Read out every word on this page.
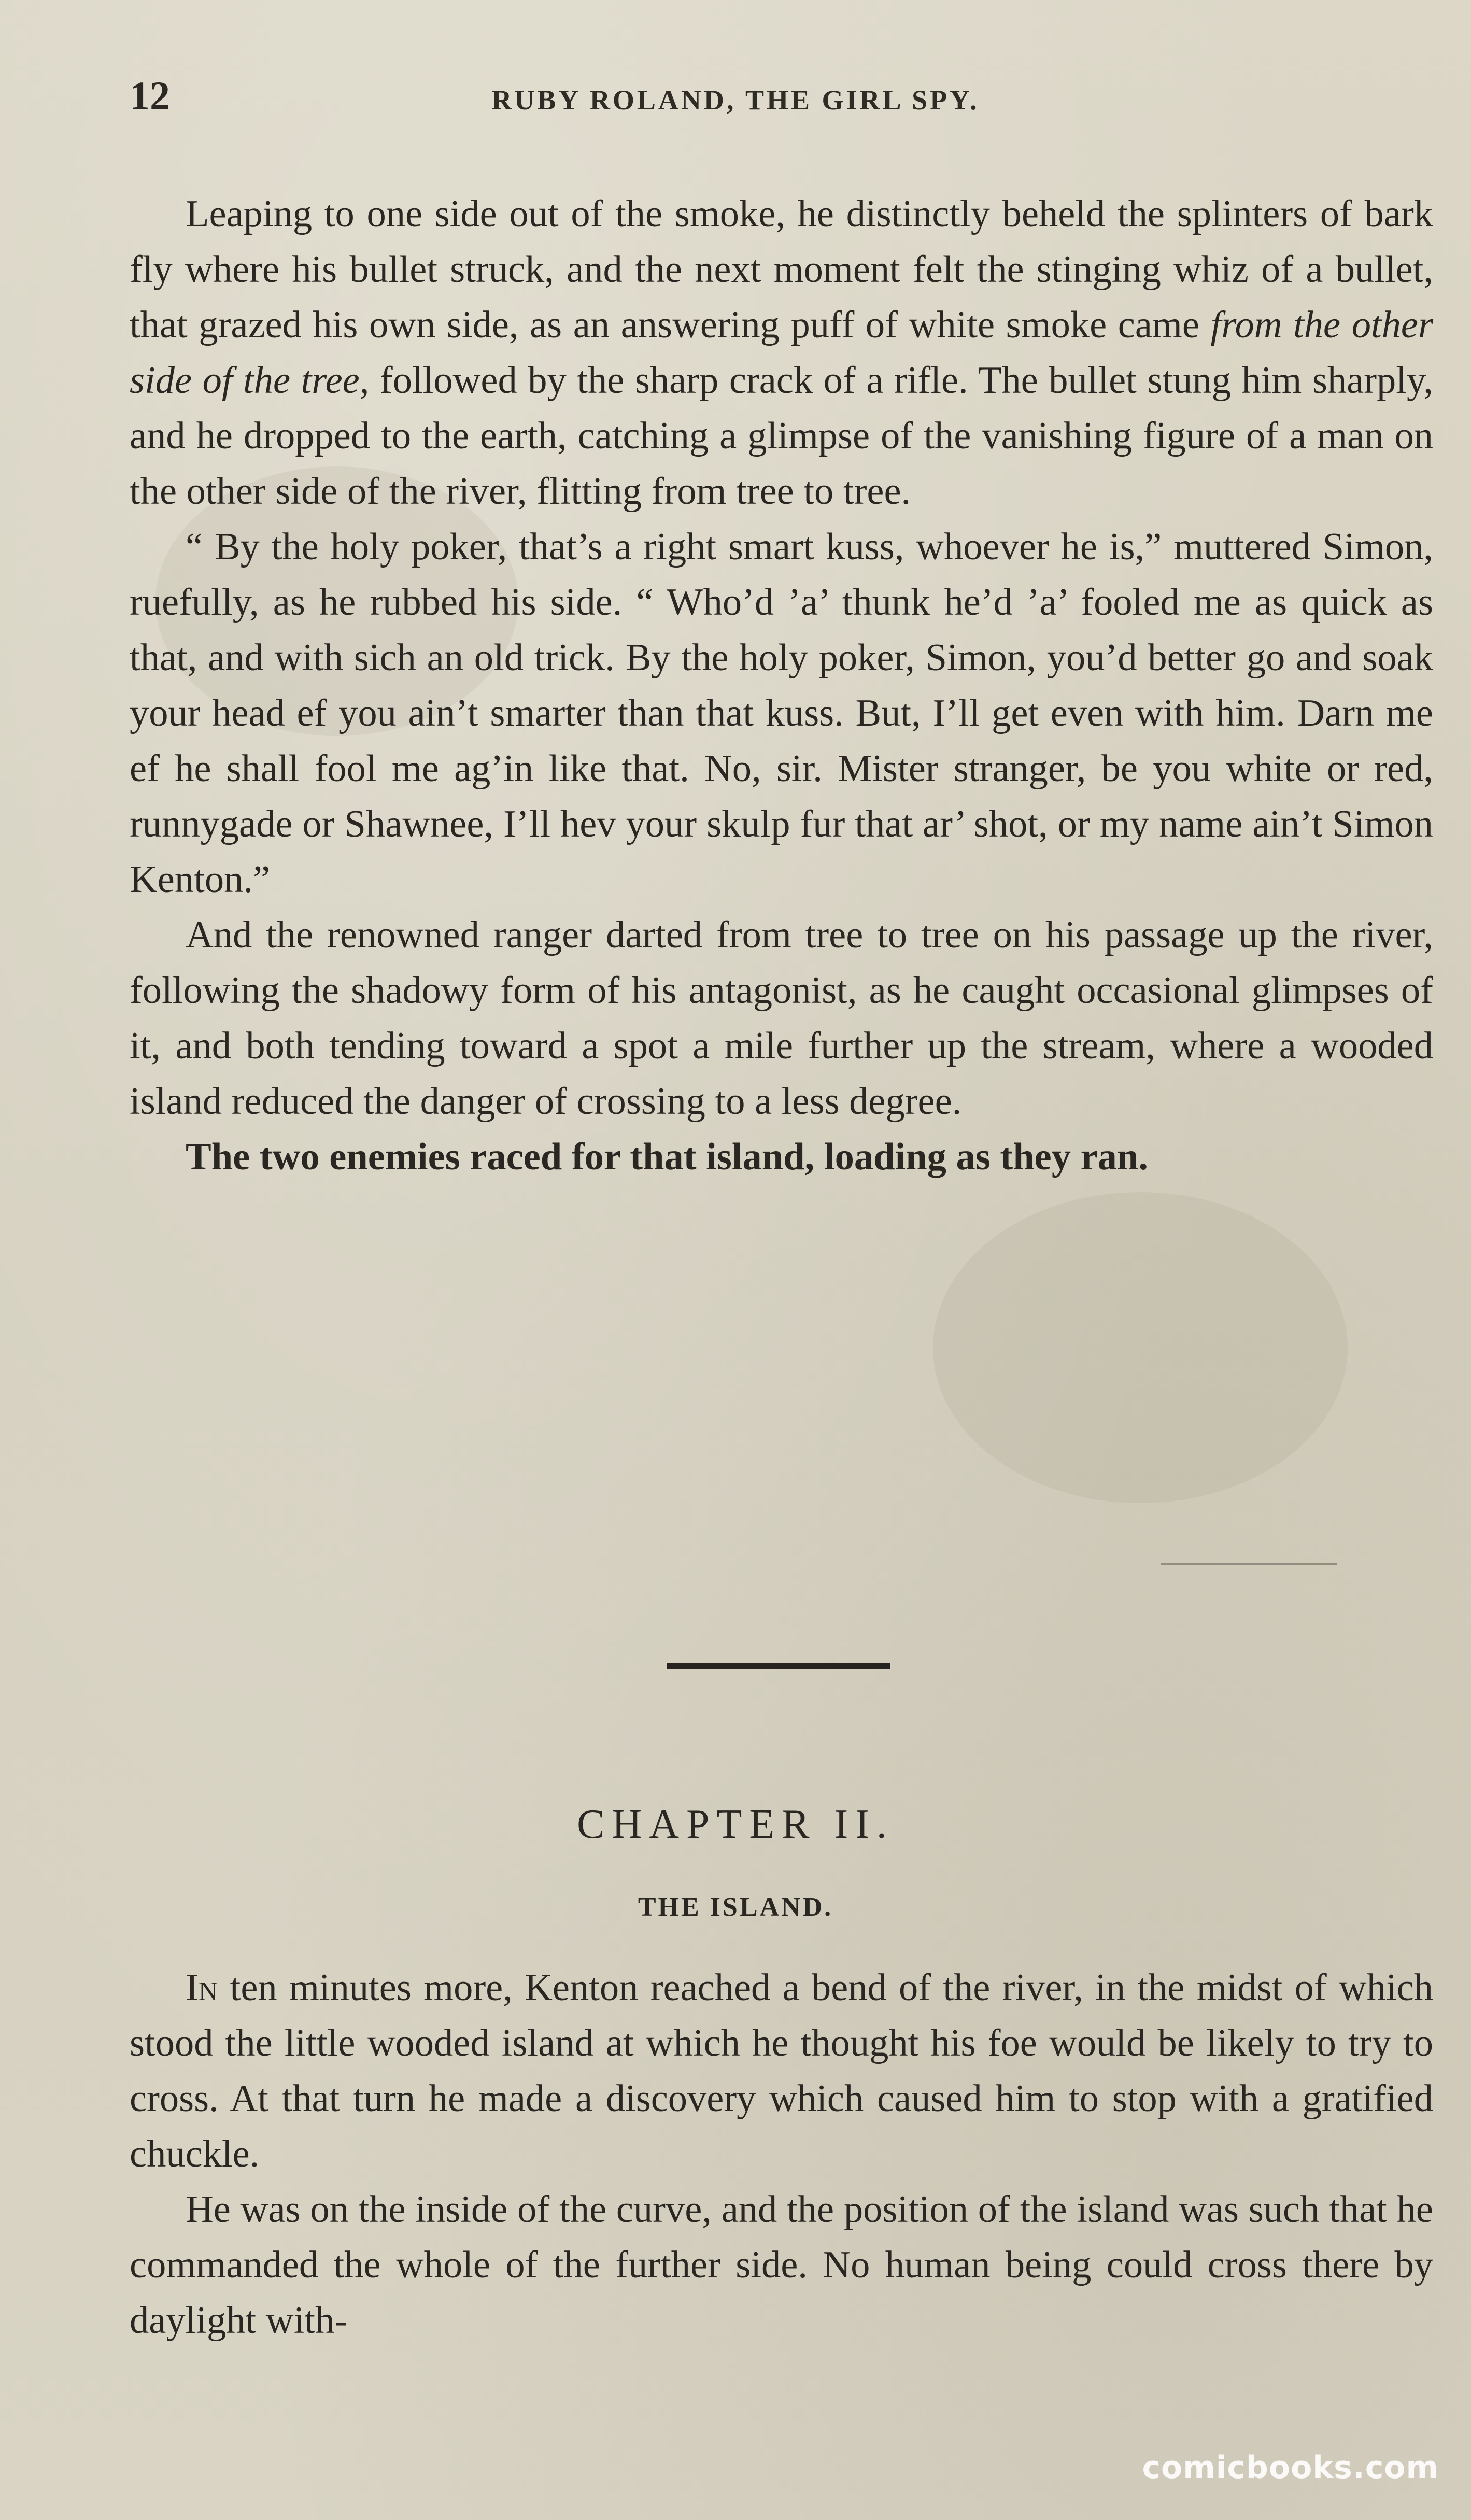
12	RUBY ROLAND, THE GIRL SPY.

Leaping to one side out of the smoke, he distinctly beheld the splinters of bark fly where his bullet struck, and the next moment felt the stinging whiz of a bullet, that grazed his own side, as an answering puff of white smoke came from the other side of the tree, followed by the sharp crack of a rifle. The bullet stung him sharply, and he dropped to the earth, catching a glimpse of the vanishing figure of a man on the other side of the river, flitting from tree to tree.

“ By the holy poker, that’s a right smart kuss, whoever he is,” muttered Simon, ruefully, as he rubbed his side. “ Who’d ’a’ thunk he’d ’a’ fooled me as quick as that, and with sich an old trick. By the holy poker, Simon, you’d better go and soak your head ef you ain’t smarter than that kuss. But, I’ll get even with him. Darn me ef he shall fool me ag’in like that. No, sir. Mister stranger, be you white or red, runnygade or Shawnee, I’ll hev your skulp fur that ar’ shot, or my name ain’t Simon Kenton.”

And the renowned ranger darted from tree to tree on his passage up the river, following the shadowy form of his antagonist, as he caught occasional glimpses of it, and both tending toward a spot a mile further up the stream, where a wooded island reduced the danger of crossing to a less degree.

The two enemies raced for that island, loading as they ran.

CHAPTER II.
THE ISLAND.

In ten minutes more, Kenton reached a bend of the river, in the midst of which stood the little wooded island at which he thought his foe would be likely to try to cross. At that turn he made a discovery which caused him to stop with a gratified chuckle.

He was on the inside of the curve, and the position of the island was such that he commanded the whole of the further side. No human being could cross there by daylight with-

comicbooks.com
